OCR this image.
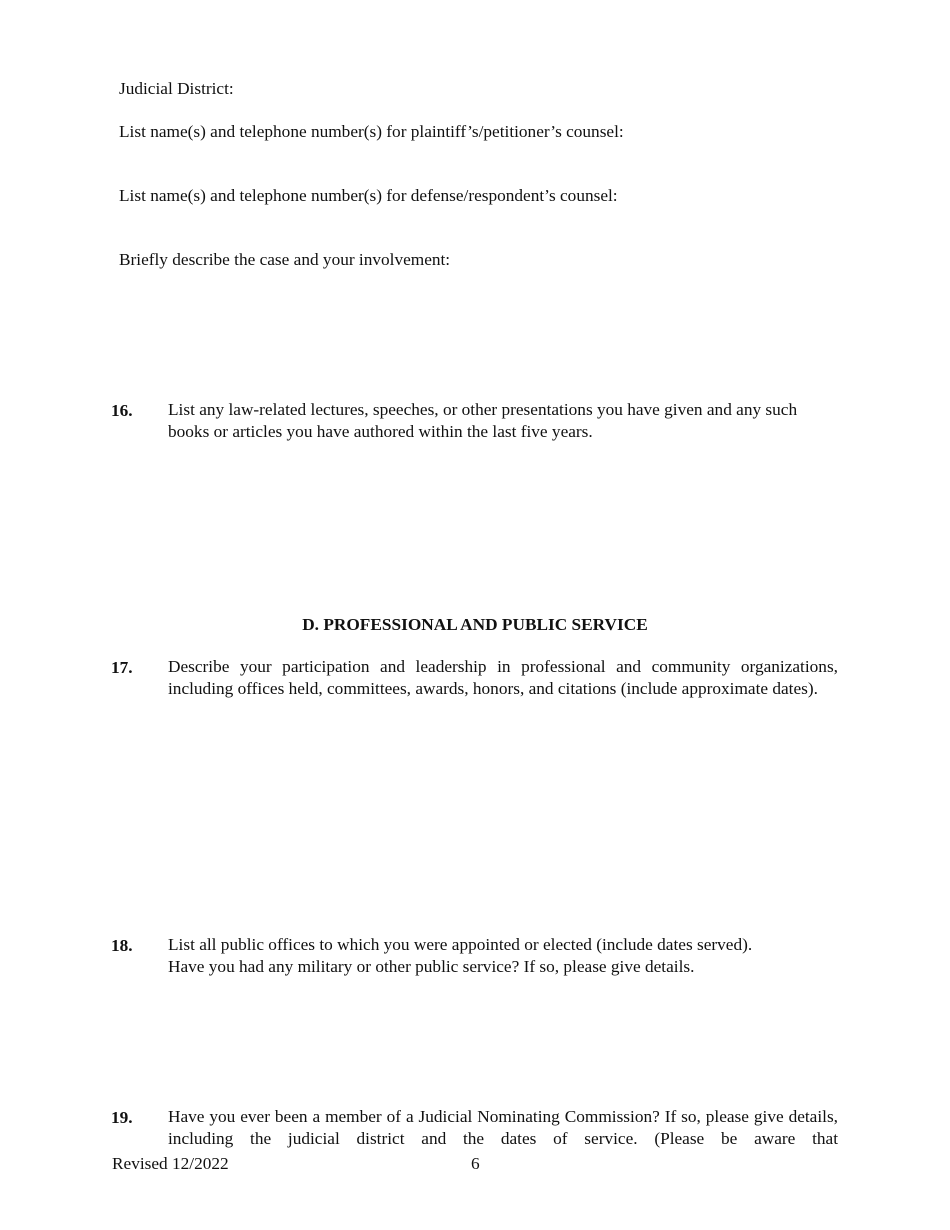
Judicial District:
List name(s) and telephone number(s) for plaintiff’s/petitioner’s counsel:
List name(s) and telephone number(s) for defense/respondent’s counsel:
Briefly describe the case and your involvement:
16. List any law-related lectures, speeches, or other presentations you have given and any such books or articles you have authored within the last five years.
D. PROFESSIONAL AND PUBLIC SERVICE
17. Describe your participation and leadership in professional and community organizations, including offices held, committees, awards, honors, and citations (include approximate dates).
18. List all public offices to which you were appointed or elected (include dates served).
Have you had any military or other public service? If so, please give details.
19. Have you ever been a member of a Judicial Nominating Commission? If so, please give details, including the judicial district and the dates of service. (Please be aware that
Revised 12/2022	6
